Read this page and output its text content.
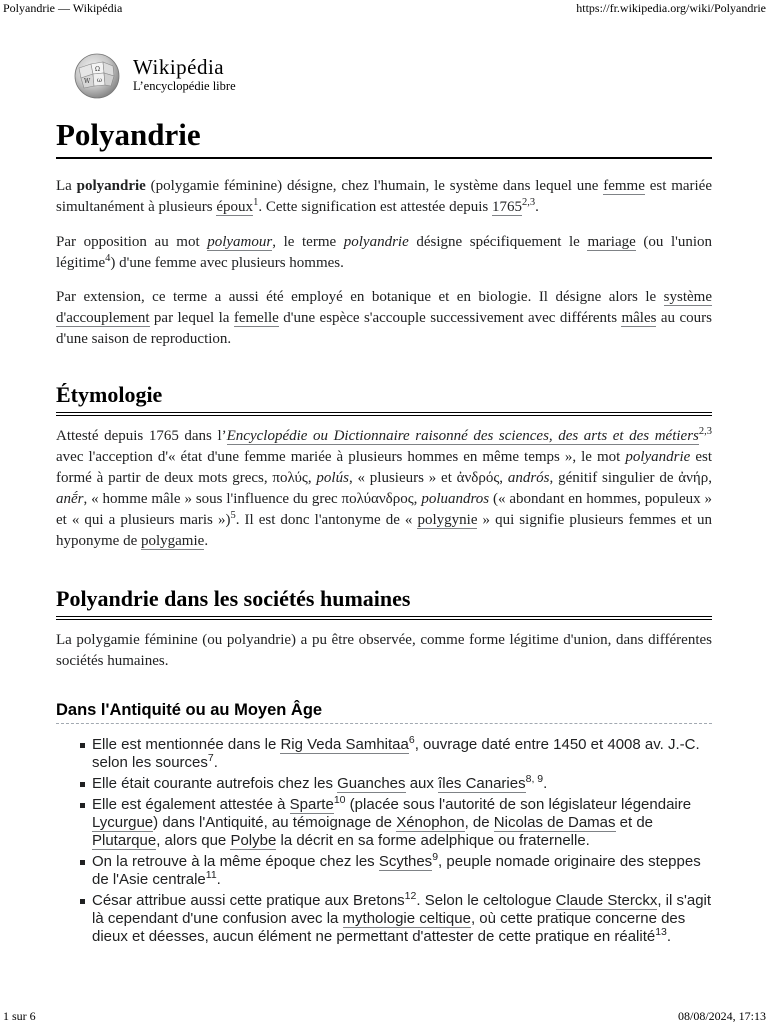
Polyandrie — Wikipédia	https://fr.wikipedia.org/wiki/Polyandrie
Ω
W ω
Wikipédia
L’encyclopédie libre
Polyandrie

La polyandrie (polygamie féminine) désigne, chez l'humain, le système dans lequel une femme est mariée simultanément à plusieurs époux$^1$. Cette signification est attestée depuis 1765$^{2,3}$.

Par opposition au mot polyamour, le terme polyandrie désigne spécifiquement le mariage (ou l'union légitime$^4$) d'une femme avec plusieurs hommes.

Par extension, ce terme a aussi été employé en botanique et en biologie. Il désigne alors le système d'accouplement par lequel la femelle d'une espèce s'accouple successivement avec différents mâles au cours d'une saison de reproduction.

Étymologie

Attesté depuis 1765 dans l’Encyclopédie ou Dictionnaire raisonné des sciences, des arts et des métiers$^{2,3}$ avec l'acception d'« état d'une femme mariée à plusieurs hommes en même temps », le mot polyandrie est formé à partir de deux mots grecs, πολύς, polús, « plusieurs » et ἀνδρός, andrós, génitif singulier de ἀνήρ, anḗr, « homme mâle » sous l'influence du grec πολύανδρος, poluandros (« abondant en hommes, populeux » et « qui a plusieurs maris »)$^5$. Il est donc l'antonyme de « polygynie » qui signifie plusieurs femmes et un hyponyme de polygamie.

Polyandrie dans les sociétés humaines

La polygamie féminine (ou polyandrie) a pu être observée, comme forme légitime d'union, dans différentes sociétés humaines.

Dans l'Antiquité ou au Moyen Âge
Elle est mentionnée dans le Rig Veda Samhitaa$^6$, ouvrage daté entre 1450 et 4008 av. J.-C. selon les sources$^7$.
Elle était courante autrefois chez les Guanches aux îles Canaries$^{8, 9}$.
Elle est également attestée à Sparte$^{10}$ (placée sous l'autorité de son législateur légendaire Lycurgue) dans l'Antiquité, au témoignage de Xénophon, de Nicolas de Damas et de Plutarque, alors que Polybe la décrit en sa forme adelphique ou fraternelle.
On la retrouve à la même époque chez les Scythes$^9$, peuple nomade originaire des steppes de l'Asie centrale$^{11}$.
César attribue aussi cette pratique aux Bretons$^{12}$. Selon le celtologue Claude Sterckx, il s'agit là cependant d'une confusion avec la mythologie celtique, où cette pratique concerne des dieux et déesses, aucun élément ne permettant d'attester de cette pratique en réalité$^{13}$.
1 sur 6	08/08/2024, 17:13
